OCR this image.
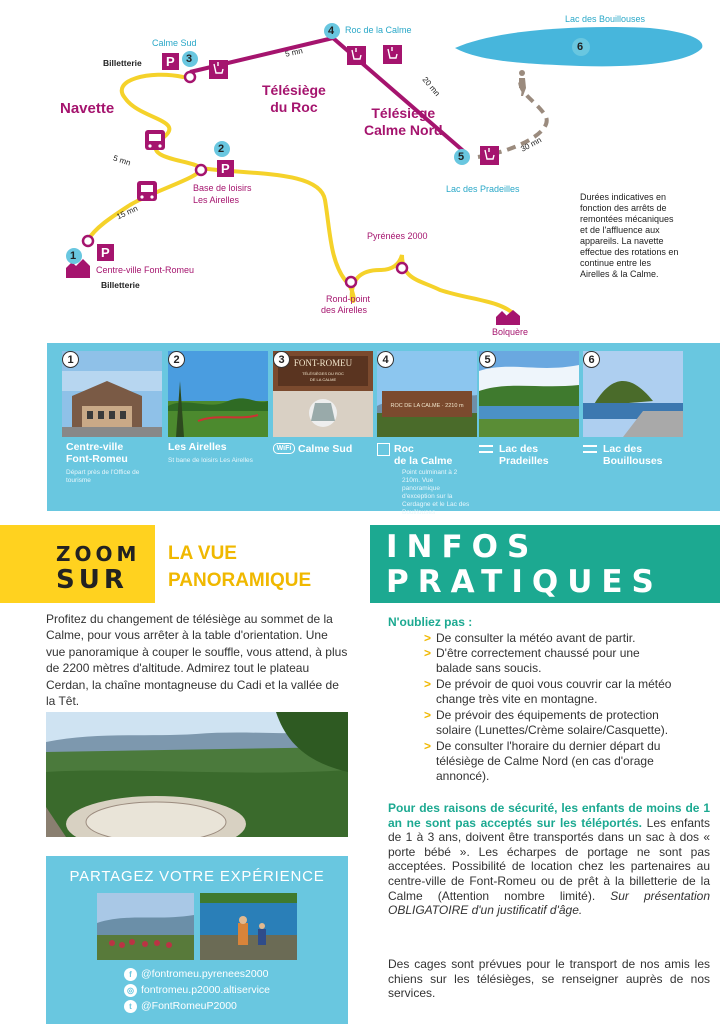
1
2
3
4
5
6
P
P
P
Calme Sud
Billetterie
Roc de la Calme
Lac des Bouillouses
Lac des Pradeilles
Base de loisirs
Les Airelles
Centre-ville Font-Romeu
Billetterie
Télésiège
du Roc	Télésiège
Calme Nord
Navette
Pyrénées 2000
Rond-point
des Airelles
Bolquère
5 mn
5 mn
15 mn
20 mn
30 mn
Durées indicatives en fonction des arrêts de remontées mécaniques et de l'affluence aux appareils. La navette effectue des rotations en continue entre les Airelles & la Calme.
1
Centre-ville
Font-Romeu
Départ près de l'Office de tourisme
2
Les Airelles
St bane de loisirs Les Airelles
FONT-ROMEU
TÉLÉSIÈGES DU ROC
DE LA CALME
3
WiFi Calme Sud
ROC DE LA CALME · 2210 m
4
Roc
de la Calme
Point culminant à 2 210m. Vue panoramique d'exception sur la Cerdagne et le Lac des Bouillouses
5
Lac des
Pradeilles
6
Lac des
Bouillouses
ZOOM
SUR
LA VUE
PANORAMIQUE

Profitez du changement de télésiège au sommet de la Calme, pour vous arrêter à la table d'orientation. Une vue panoramique à couper le souffle, vous attend, à plus de 2200 mètres d'altitude. Admirez tout le plateau Cerdan, la chaîne montagneuse du Cadi et la vallée de la Têt.

PARTAGEZ VOTRE EXPÉRIENCE
f @fontromeu.pyrenees2000
◎ fontromeu.p2000.altiservice
t @FontRomeuP2000
INFOS
PRATIQUES
N'oubliez pas :
> De consulter la météo avant de partir.
> D'être correctement chaussé pour une
balade sans soucis.
> De prévoir de quoi vous couvrir car la météo
change très vite en montagne.
> De prévoir des équipements de protection
solaire (Lunettes/Crème solaire/Casquette).
> De consulter l'horaire du dernier départ du
télésiège de Calme Nord (en cas d'orage annoncé).

Pour des raisons de sécurité, les enfants de moins de 1 an ne sont pas acceptés sur les téléportés. Les enfants de 1 à 3 ans, doivent être transportés dans un sac à dos « porte bébé ». Les écharpes de portage ne sont pas acceptées. Possibilité de location chez les partenaires au centre-ville de Font-Romeu ou de prêt à la billetterie de la Calme (Attention nombre limité). Sur présentation OBLIGATOIRE d'un justificatif d'âge.

Des cages sont prévues pour le transport de nos amis les chiens sur les télésièges, se renseigner auprès de nos services.
